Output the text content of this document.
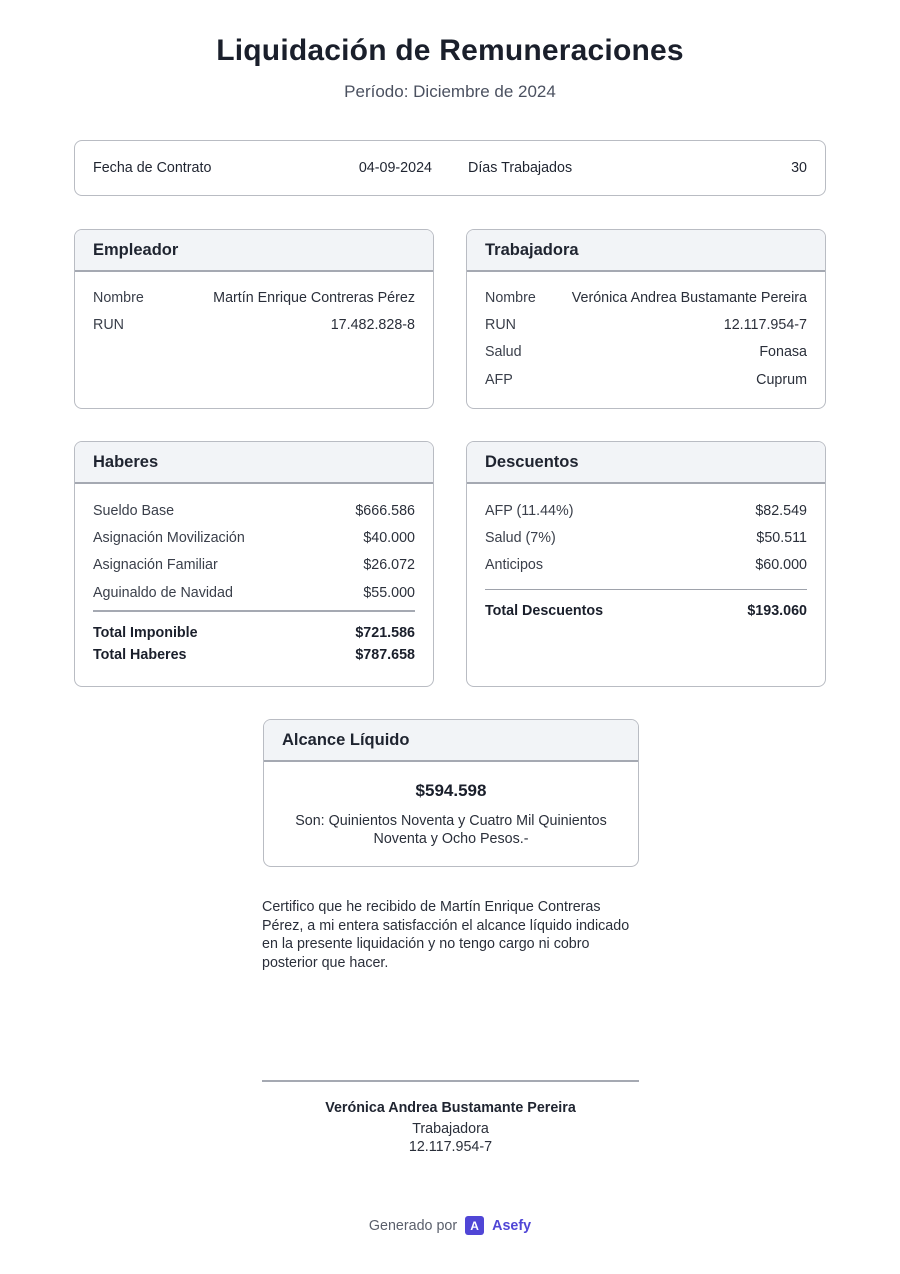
Liquidación de Remuneraciones
Período: Diciembre de 2024
Fecha de Contrato	04-09-2024	Días Trabajados	30
Empleador
Nombre	Martín Enrique Contreras Pérez
RUN	17.482.828-8
Trabajadora
Nombre	Verónica Andrea Bustamante Pereira
RUN	12.117.954-7
Salud	Fonasa
AFP	Cuprum
Haberes
Sueldo Base	$666.586
Asignación Movilización	$40.000
Asignación Familiar	$26.072
Aguinaldo de Navidad	$55.000
Total Imponible	$721.586
Total Haberes	$787.658
Descuentos
AFP (11.44%)	$82.549
Salud (7%)	$50.511
Anticipos	$60.000
Total Descuentos	$193.060
Alcance Líquido
$594.598
Son: Quinientos Noventa y Cuatro Mil Quinientos Noventa y Ocho Pesos.-
Certifico que he recibido de Martín Enrique Contreras Pérez, a mi entera satisfacción el alcance líquido indicado en la presente liquidación y no tengo cargo ni cobro posterior que hacer.
Verónica Andrea Bustamante Pereira
Trabajadora
12.117.954-7
Generado por	A Asefy
